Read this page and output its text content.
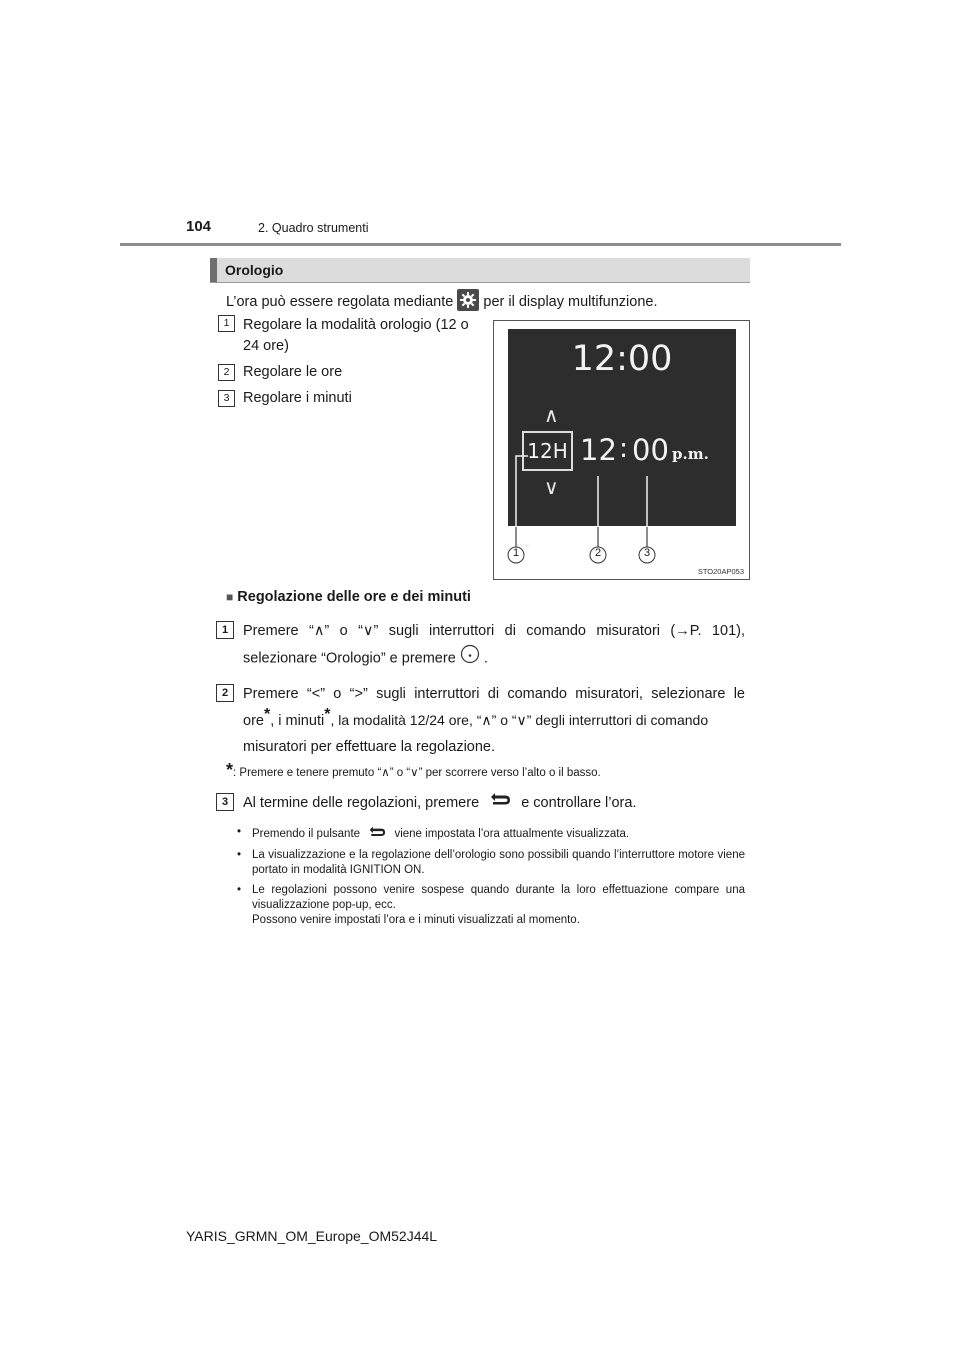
104	2. Quadro strumenti
Orologio
L’ora può essere regolata mediante per il display multifunzione.
1 Regolare la modalità orologio (12 o 24 ore)
2 Regolare le ore
3 Regolare i minuti
12:00
∧
12H
∨
12 : 00 p.m.
1	2	3
STO20AP053
■ Regolazione delle ore e dei minuti
1	Premere “∧” o “∨” sugli interruttori di comando misuratori (→P. 101),
selezionare “Orologio” e premere .
2	Premere “<” o “>” sugli interruttori di comando misuratori, selezionare le
ore*, i minuti*, la modalità 12/24 ore, “∧” o “∨” degli interruttori di comando
misuratori per effettuare la regolazione.
*: Premere e tenere premuto “∧” o “∨” per scorrere verso l’alto o il basso.
3	Al termine delle regolazioni, premere	e controllare l’ora.
• Premendo il pulsante	viene impostata l’ora attualmente visualizzata.
• La visualizzazione e la regolazione dell’orologio sono possibili quando l’interruttore motore viene portato in modalità IGNITION ON.
• Le regolazioni possono venire sospese quando durante la loro effettuazione compare una visualizzazione pop-up, ecc.
Possono venire impostati l’ora e i minuti visualizzati al momento.
YARIS_GRMN_OM_Europe_OM52J44L
